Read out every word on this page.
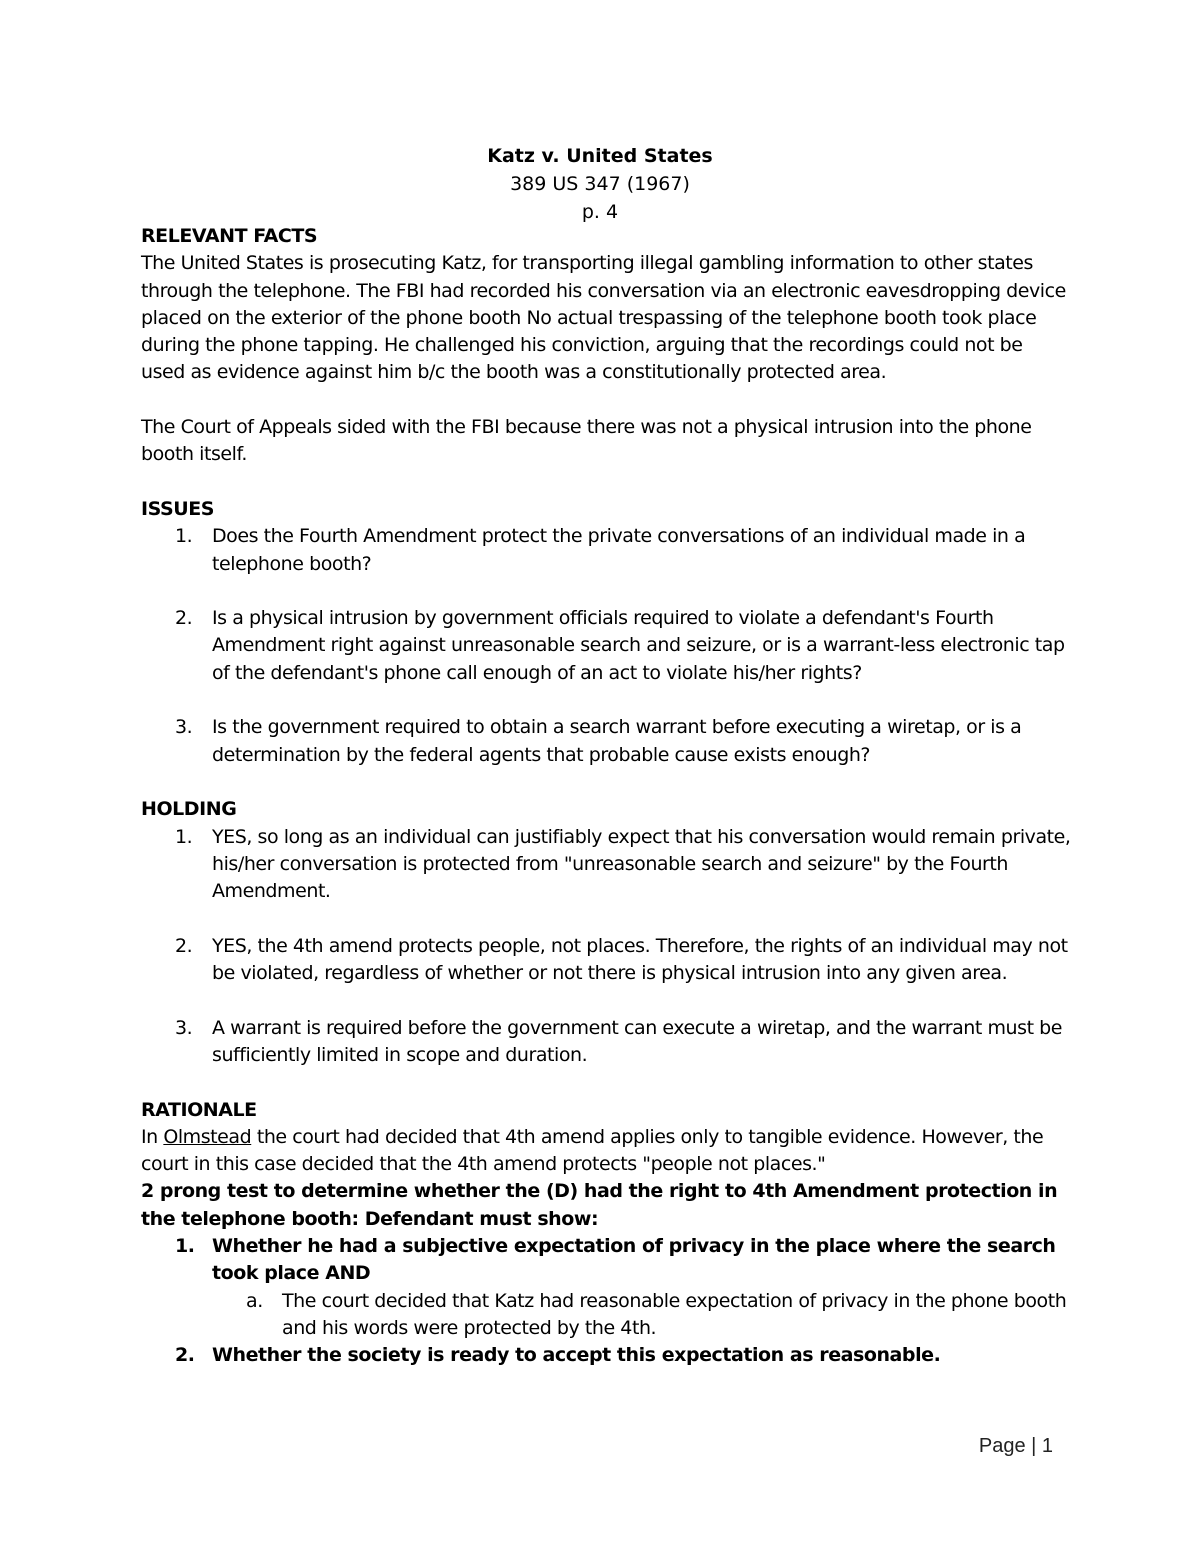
Katz v. United States

389 US 347 (1967)

p. 4

RELEVANT FACTS

The United States is prosecuting Katz, for transporting illegal gambling information to other states through the telephone. The FBI had recorded his conversation via an electronic eavesdropping device placed on the exterior of the phone booth No actual trespassing of the telephone booth took place during the phone tapping. He challenged his conviction, arguing that the recordings could not be used as evidence against him b/c the booth was a constitutionally protected area.

The Court of Appeals sided with the FBI because there was not a physical intrusion into the phone booth itself.

ISSUES

1. Does the Fourth Amendment protect the private conversations of an individual made in a telephone booth?
2. Is a physical intrusion by government officials required to violate a defendant's Fourth Amendment right against unreasonable search and seizure, or is a warrant-less electronic tap of the defendant's phone call enough of an act to violate his/her rights?
3. Is the government required to obtain a search warrant before executing a wiretap, or is a determination by the federal agents that probable cause exists enough?

HOLDING

1. YES, so long as an individual can justifiably expect that his conversation would remain private, his/her conversation is protected from "unreasonable search and seizure" by the Fourth Amendment.
2. YES, the 4th amend protects people, not places. Therefore, the rights of an individual may not be violated, regardless of whether or not there is physical intrusion into any given area.
3. A warrant is required before the government can execute a wiretap, and the warrant must be sufficiently limited in scope and duration.

RATIONALE

In Olmstead the court had decided that 4th amend applies only to tangible evidence. However, the court in this case decided that the 4th amend protects "people not places."

2 prong test to determine whether the (D) had the right to 4th Amendment protection in the telephone booth: Defendant must show:

1. Whether he had a subjective expectation of privacy in the place where the search took place AND
a. The court decided that Katz had reasonable expectation of privacy in the phone booth and his words were protected by the 4th.
2. Whether the society is ready to accept this expectation as reasonable.
Page | 1
